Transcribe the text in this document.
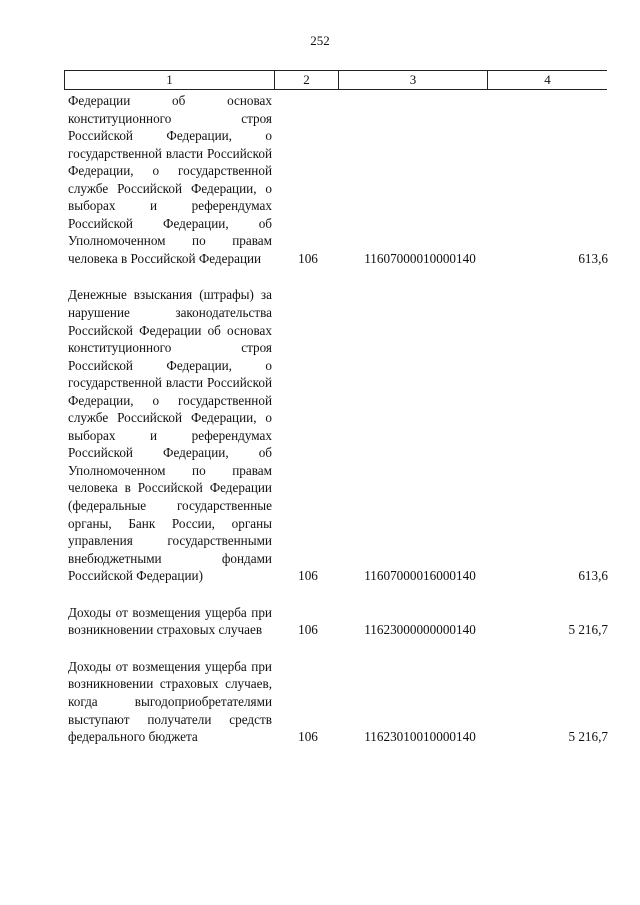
252
1	2	3	4
Федерации об основах конституционного строя Российской Федерации, о государственной власти Российской Федерации, о государственной службе Российской Федерации, о выборах и референдумах Российской Федерации, об Уполномоченном по правам человека в Российской Федерации	106	11607000010000140	613,6
Денежные взыскания (штрафы) за нарушение законодательства Российской Федерации об основах конституционного строя Российской Федерации, о государственной власти Российской Федерации, о государственной службе Российской Федерации, о выборах и референдумах Российской Федерации, об Уполномоченном по правам человека в Российской Федерации (федеральные государственные органы, Банк России, органы управления государственными внебюджетными фондами Российской Федерации)	106	11607000016000140	613,6
Доходы от возмещения ущерба при возникновении страховых случаев	106	11623000000000140	5 216,7
Доходы от возмещения ущерба при возникновении страховых случаев, когда выгодоприобретателями выступают получатели средств федерального бюджета	106	11623010010000140	5 216,7
